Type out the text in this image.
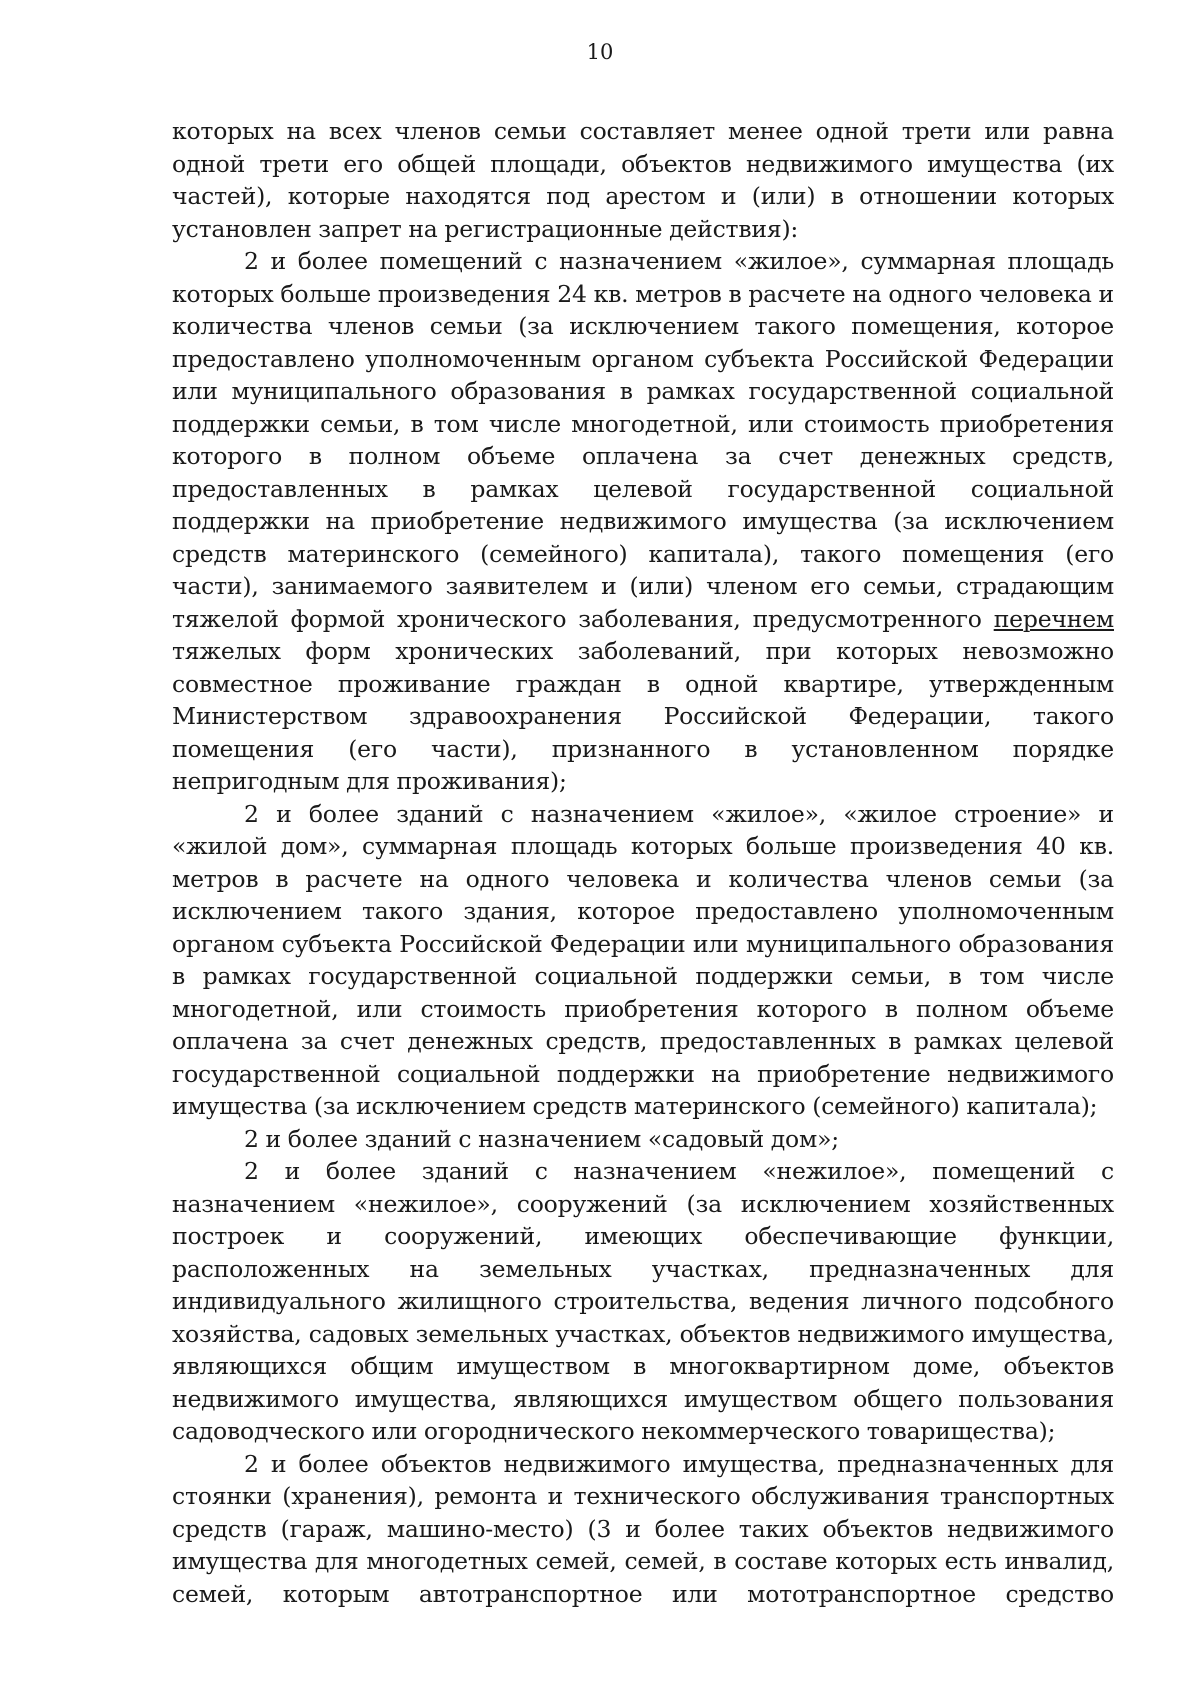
10

которых на всех членов семьи составляет менее одной трети или равна одной трети его общей площади, объектов недвижимого имущества (их частей), которые находятся под арестом и (или) в отношении которых установлен запрет на регистрационные действия):

2 и более помещений с назначением «жилое», суммарная площадь которых больше произведения 24 кв. метров в расчете на одного человека и количества членов семьи (за исключением такого помещения, которое предоставлено уполномоченным органом субъекта Российской Федерации или муниципального образования в рамках государственной социальной поддержки семьи, в том числе многодетной, или стоимость приобретения которого в полном объеме оплачена за счет денежных средств, предоставленных в рамках целевой государственной социальной поддержки на приобретение недвижимого имущества (за исключением средств материнского (семейного) капитала), такого помещения (его части), занимаемого заявителем и (или) членом его семьи, страдающим тяжелой формой хронического заболевания, предусмотренного перечнем тяжелых форм хронических заболеваний, при которых невозможно совместное проживание граждан в одной квартире, утвержденным Министерством здравоохранения Российской Федерации, такого помещения (его части), признанного в установленном порядке непригодным для проживания);

2 и более зданий с назначением «жилое», «жилое строение» и «жилой дом», суммарная площадь которых больше произведения 40 кв. метров в расчете на одного человека и количества членов семьи (за исключением такого здания, которое предоставлено уполномоченным органом субъекта Российской Федерации или муниципального образования в рамках государственной социальной поддержки семьи, в том числе многодетной, или стоимость приобретения которого в полном объеме оплачена за счет денежных средств, предоставленных в рамках целевой государственной социальной поддержки на приобретение недвижимого имущества (за исключением средств материнского (семейного) капитала);

2 и более зданий с назначением «садовый дом»;

2 и более зданий с назначением «нежилое», помещений с назначением «нежилое», сооружений (за исключением хозяйственных построек и сооружений, имеющих обеспечивающие функции, расположенных на земельных участках, предназначенных для индивидуального жилищного строительства, ведения личного подсобного хозяйства, садовых земельных участках, объектов недвижимого имущества, являющихся общим имуществом в многоквартирном доме, объектов недвижимого имущества, являющихся имуществом общего пользования садоводческого или огороднического некоммерческого товарищества);

2 и более объектов недвижимого имущества, предназначенных для стоянки (хранения), ремонта и технического обслуживания транспортных средств (гараж, машино-место) (3 и более таких объектов недвижимого имущества для многодетных семей, семей, в составе которых есть инвалид, семей, которым автотранспортное или мототранспортное средство
